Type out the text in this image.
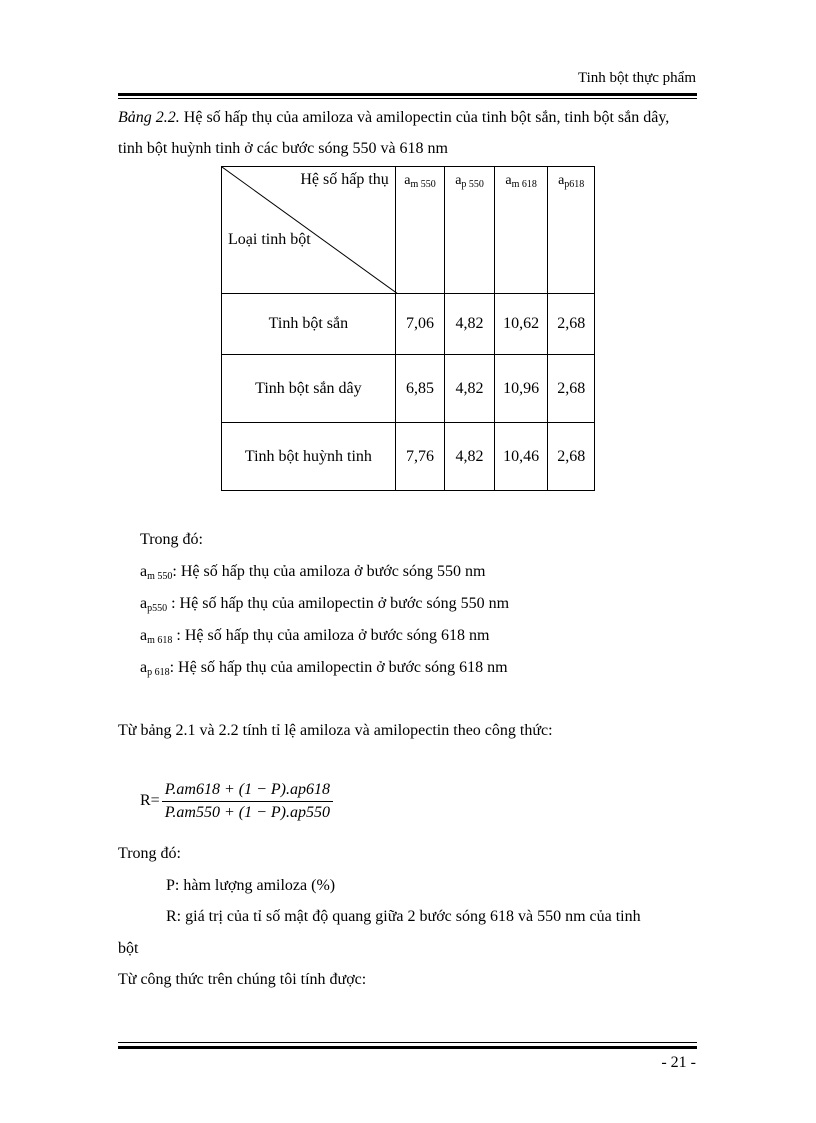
Tinh bột thực phẩm
Bảng 2.2. Hệ số hấp thụ của amiloza và amilopectin của tinh bột sắn, tinh bột sắn dây, tinh bột huỳnh tinh ở các bước sóng 550 và 618 nm
Hệ số hấp thụ
Loại tinh bột	$a_{m 550}$	$a_{p 550}$	$a_{m 618}$	$a_{p618}$
Tinh bột sắn	7,06	4,82	10,62	2,68
Tinh bột sắn dây	6,85	4,82	10,96	2,68
Tinh bột huỳnh tinh	7,76	4,82	10,46	2,68
Trong đó:
$a_{m 550}$: Hệ số hấp thụ của amiloza ở bước sóng 550 nm
$a_{p550}$ : Hệ số hấp thụ của amilopectin ở bước sóng 550 nm
$a_{m 618}$ : Hệ số hấp thụ của amiloza ở bước sóng 618 nm
$a_{p 618}$: Hệ số hấp thụ của amilopectin ở bước sóng 618 nm
Từ bảng 2.1 và 2.2 tính tỉ lệ amiloza và amilopectin theo công thức:
$R= \frac{P.am618 + (1 - P).ap618}{P.am550 + (1 - P).ap550}$
Trong đó:
P: hàm lượng amiloza (%)
R: giá trị của tỉ số mật độ quang giữa 2 bước sóng 618 và 550 nm của tinh
bột
Từ công thức trên chúng tôi tính được:
- 21 -
